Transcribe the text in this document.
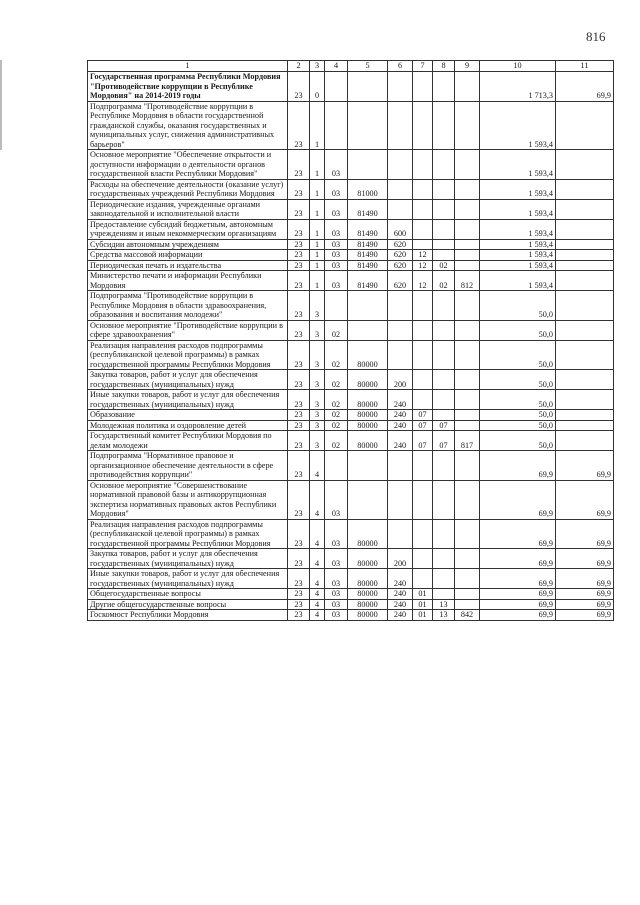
816
1	2	3	4	5	6	7	8	9	10	11
Государственная программа Республики Мордовия "Противодействие коррупции в Республике Мордовия" на 2014-2019 годы	23	0							1 713,3	69,9
Подпрограмма "Противодействие коррупции в Республике Мордовия в области государственной гражданской службы, оказания государственных и муниципальных услуг, снижения административных барьеров"	23	1							1 593,4	
Основное мероприятие "Обеспечение открытости и доступности информации о деятельности органов государственной власти Республики Мордовия"	23	1	03						1 593,4	
Расходы на обеспечение деятельности (оказание услуг) государственных учреждений Республики Мордовия	23	1	03	81000					1 593,4	
Периодические издания, учрежденные органами законодательной и исполнительной власти	23	1	03	81490					1 593,4	
Предоставление субсидий бюджетным, автономным учреждениям и иным некоммерческим организациям	23	1	03	81490	600				1 593,4	
Субсидии автономным учреждениям	23	1	03	81490	620				1 593,4	
Средства массовой информации	23	1	03	81490	620	12			1 593,4	
Периодическая печать и издательства	23	1	03	81490	620	12	02		1 593,4	
Министерство печати и информации Республики Мордовия	23	1	03	81490	620	12	02	812	1 593,4	
Подпрограмма "Противодействие коррупции в Республике Мордовия в области здравоохранения, образования и воспитания молодежи"	23	3							50,0	
Основное мероприятие "Противодействие коррупции в сфере здравоохранения"	23	3	02						50,0	
Реализация направления расходов подпрограммы (республиканской целевой программы) в рамках государственной программы Республики Мордовия	23	3	02	80000					50,0	
Закупка товаров, работ и услуг для обеспечения государственных (муниципальных) нужд	23	3	02	80000	200				50,0	
Иные закупки товаров, работ и услуг для обеспечения государственных (муниципальных) нужд	23	3	02	80000	240				50,0	
Образование	23	3	02	80000	240	07			50,0	
Молодежная политика и оздоровление детей	23	3	02	80000	240	07	07		50,0	
Государственный комитет Республики Мордовия по делам молодежи	23	3	02	80000	240	07	07	817	50,0	
Подпрограмма "Нормативное правовое и организационное обеспечение деятельности в сфере противодействия коррупции"	23	4							69,9	69,9
Основное мероприятие "Совершенствование нормативной правовой базы и антикоррупционная экспертиза нормативных правовых актов Республики Мордовия"	23	4	03						69,9	69,9
Реализация направления расходов подпрограммы (республиканской целевой программы) в рамках государственной программы Республики Мордовия	23	4	03	80000					69,9	69,9
Закупка товаров, работ и услуг для обеспечения государственных (муниципальных) нужд	23	4	03	80000	200				69,9	69,9
Иные закупки товаров, работ и услуг для обеспечения государственных (муниципальных) нужд	23	4	03	80000	240				69,9	69,9
Общегосударственные вопросы	23	4	03	80000	240	01			69,9	69,9
Другие общегосударственные вопросы	23	4	03	80000	240	01	13		69,9	69,9
Госкомюст Республики Мордовия	23	4	03	80000	240	01	13	842	69,9	69,9
